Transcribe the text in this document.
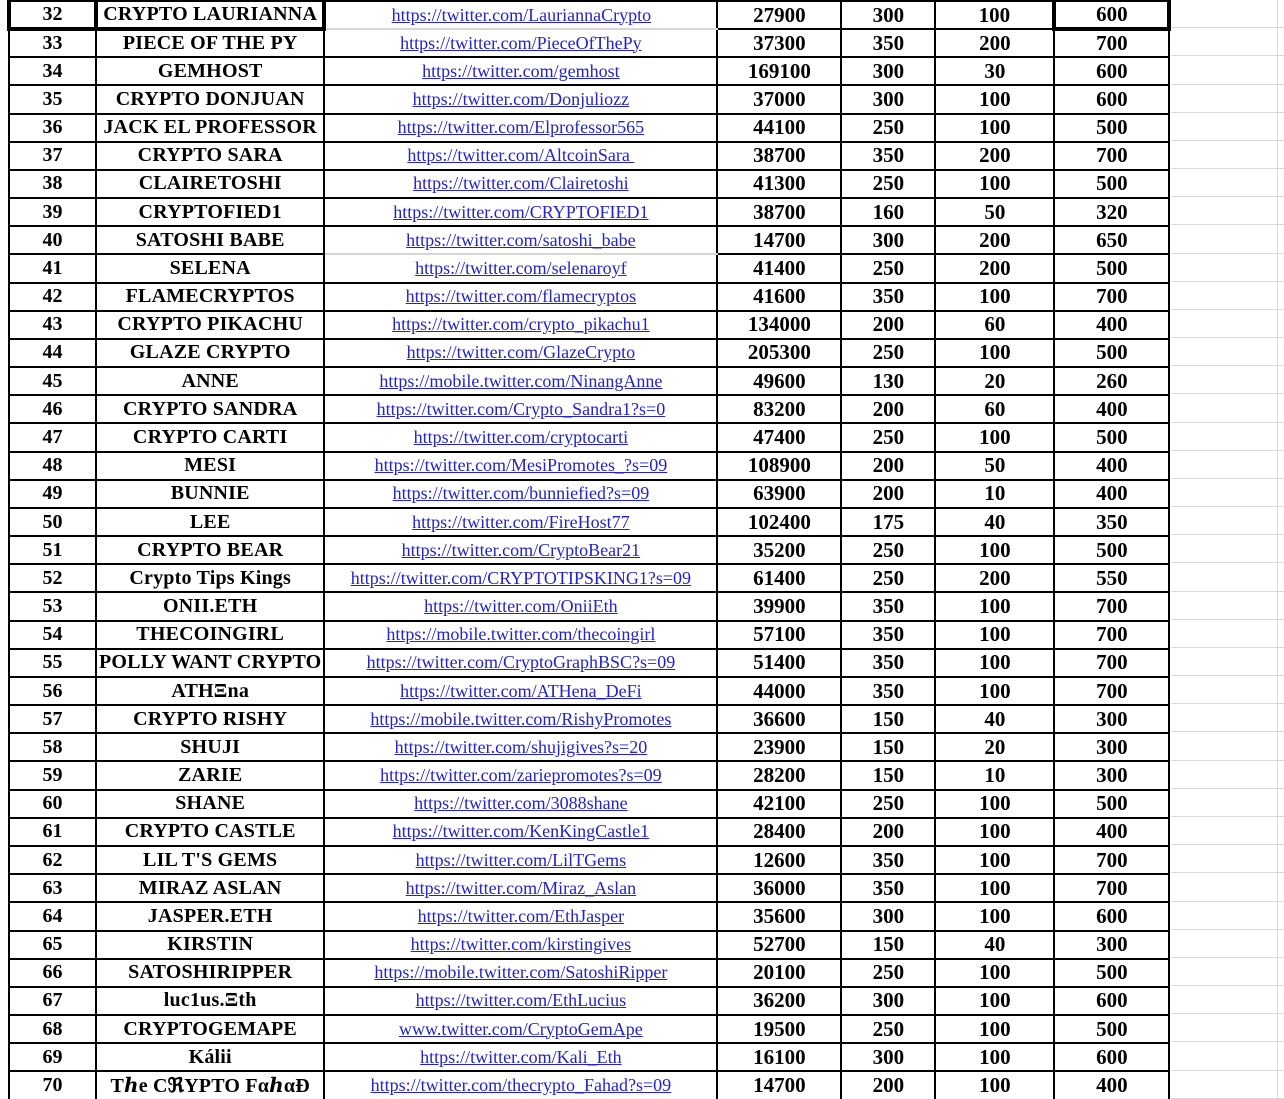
32	CRYPTO LAURIANNA	https://twitter.com/LauriannaCrypto	27900	300	100	600
33	PIECE OF THE PY	https://twitter.com/PieceOfThePy	37300	350	200	700
34	GEMHOST	https://twitter.com/gemhost	169100	300	30	600
35	CRYPTO DONJUAN	https://twitter.com/Donjuliozz	37000	300	100	600
36	JACK EL PROFESSOR	https://twitter.com/Elprofessor565	44100	250	100	500
37	CRYPTO SARA	https://twitter.com/AltcoinSara	38700	350	200	700
38	CLAIRETOSHI	https://twitter.com/Clairetoshi	41300	250	100	500
39	CRYPTOFIED1	https://twitter.com/CRYPTOFIED1	38700	160	50	320
40	SATOSHI BABE	https://twitter.com/satoshi_babe	14700	300	200	650
41	SELENA	https://twitter.com/selenaroyf	41400	250	200	500
42	FLAMECRYPTOS	https://twitter.com/flamecryptos	41600	350	100	700
43	CRYPTO PIKACHU	https://twitter.com/crypto_pikachu1	134000	200	60	400
44	GLAZE CRYPTO	https://twitter.com/GlazeCrypto	205300	250	100	500
45	ANNE	https://mobile.twitter.com/NinangAnne	49600	130	20	260
46	CRYPTO SANDRA	https://twitter.com/Crypto_Sandra1?s=0	83200	200	60	400
47	CRYPTO CARTI	https://twitter.com/cryptocarti	47400	250	100	500
48	MESI	https://twitter.com/MesiPromotes_?s=09	108900	200	50	400
49	BUNNIE	https://twitter.com/bunniefied?s=09	63900	200	10	400
50	LEE	https://twitter.com/FireHost77	102400	175	40	350
51	CRYPTO BEAR	https://twitter.com/CryptoBear21	35200	250	100	500
52	Crypto Tips Kings	https://twitter.com/CRYPTOTIPSKING1?s=09	61400	250	200	550
53	ONII.ETH	https://twitter.com/OniiEth	39900	350	100	700
54	THECOINGIRL	https://mobile.twitter.com/thecoingirl	57100	350	100	700
55	POLLY WANT CRYPTO	https://twitter.com/CryptoGraphBSC?s=09	51400	350	100	700
56	ATHΞna	https://twitter.com/ATHena_DeFi	44000	350	100	700
57	CRYPTO RISHY	https://mobile.twitter.com/RishyPromotes	36600	150	40	300
58	SHUJI	https://twitter.com/shujigives?s=20	23900	150	20	300
59	ZARIE	https://twitter.com/zariepromotes?s=09	28200	150	10	300
60	SHANE	https://twitter.com/3088shane	42100	250	100	500
61	CRYPTO CASTLE	https://twitter.com/KenKingCastle1	28400	200	100	400
62	LIL T'S GEMS	https://twitter.com/LilTGems	12600	350	100	700
63	MIRAZ ASLAN	https://twitter.com/Miraz_Aslan	36000	350	100	700
64	JASPER.ETH	https://twitter.com/EthJasper	35600	300	100	600
65	KIRSTIN	https://twitter.com/kirstingives	52700	150	40	300
66	SATOSHIRIPPER	https://mobile.twitter.com/SatoshiRipper	20100	250	100	500
67	luc1us.Ξth	https://twitter.com/EthLucius	36200	300	100	600
68	CRYPTOGEMAPE	www.twitter.com/CryptoGemApe	19500	250	100	500
69	Kálii	https://twitter.com/Kali_Eth	16100	300	100	600
70	Tℎe CℜYPTO FαℎαÐ	https://twitter.com/thecrypto_Fahad?s=09	14700	200	100	400
